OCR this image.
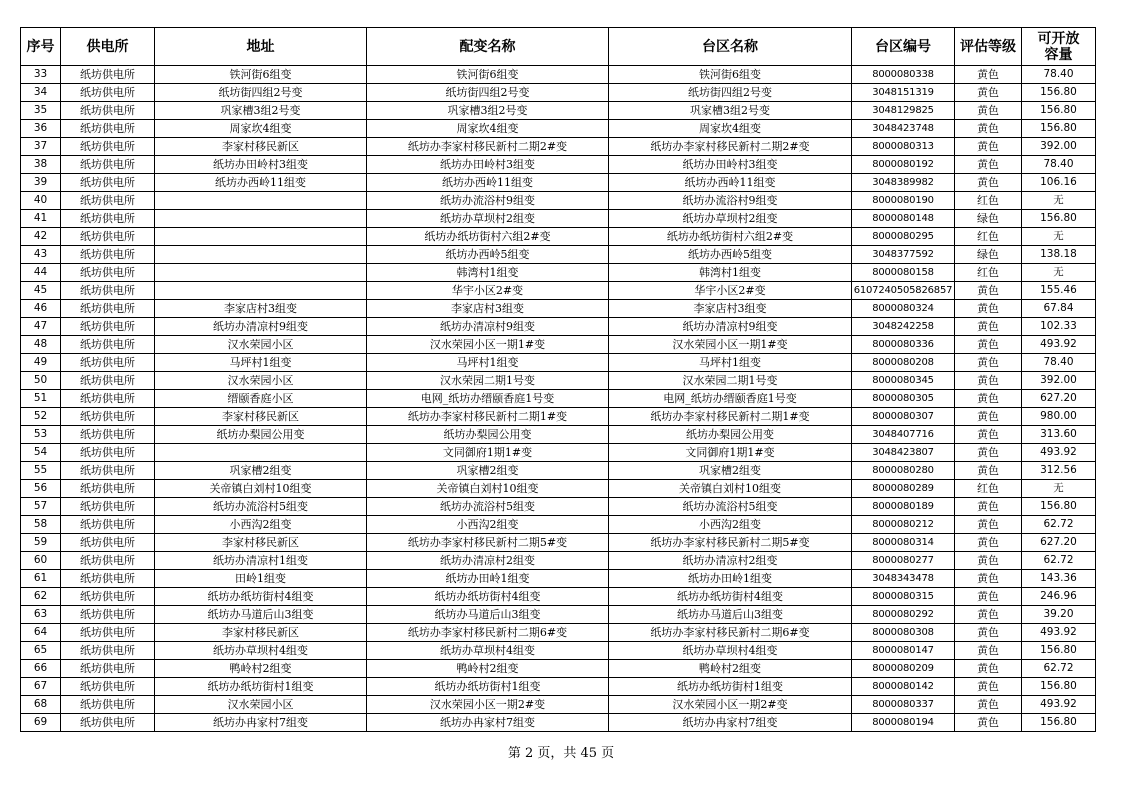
序号	供电所	地址	配变名称	台区名称	台区编号	评估等级	可开放容量
33	纸坊供电所	铁河街6组变	铁河街6组变	铁河街6组变	8000080338	黄色	78.40
34	纸坊供电所	纸坊街四组2号变	纸坊街四组2号变	纸坊街四组2号变	3048151319	黄色	156.80
35	纸坊供电所	巩家槽3组2号变	巩家槽3组2号变	巩家槽3组2号变	3048129825	黄色	156.80
36	纸坊供电所	周家坎4组变	周家坎4组变	周家坎4组变	3048423748	黄色	156.80
37	纸坊供电所	李家村移民新区	纸坊办李家村移民新村二期2#变	纸坊办李家村移民新村二期2#变	8000080313	黄色	392.00
38	纸坊供电所	纸坊办田岭村3组变	纸坊办田岭村3组变	纸坊办田岭村3组变	8000080192	黄色	78.40
39	纸坊供电所	纸坊办西岭11组变	纸坊办西岭11组变	纸坊办西岭11组变	3048389982	黄色	106.16
40	纸坊供电所		纸坊办流浴村9组变	纸坊办流浴村9组变	8000080190	红色	无
41	纸坊供电所		纸坊办草坝村2组变	纸坊办草坝村2组变	8000080148	绿色	156.80
42	纸坊供电所		纸坊办纸坊街村六组2#变	纸坊办纸坊街村六组2#变	8000080295	红色	无
43	纸坊供电所		纸坊办西岭5组变	纸坊办西岭5组变	3048377592	绿色	138.18
44	纸坊供电所		韩湾村1组变	韩湾村1组变	8000080158	红色	无
45	纸坊供电所		华宇小区2#变	华宇小区2#变	6107240505826857	黄色	155.46
46	纸坊供电所	李家店村3组变	李家店村3组变	李家店村3组变	8000080324	黄色	67.84
47	纸坊供电所	纸坊办清凉村9组变	纸坊办清凉村9组变	纸坊办清凉村9组变	3048242258	黄色	102.33
48	纸坊供电所	汉水荣园小区	汉水荣园小区一期1#变	汉水荣园小区一期1#变	8000080336	黄色	493.92
49	纸坊供电所	马坪村1组变	马坪村1组变	马坪村1组变	8000080208	黄色	78.40
50	纸坊供电所	汉水荣园小区	汉水荣园二期1号变	汉水荣园二期1号变	8000080345	黄色	392.00
51	纸坊供电所	缙颐香庭小区	电网_纸坊办缙颐香庭1号变	电网_纸坊办缙颐香庭1号变	8000080305	黄色	627.20
52	纸坊供电所	李家村移民新区	纸坊办李家村移民新村二期1#变	纸坊办李家村移民新村二期1#变	8000080307	黄色	980.00
53	纸坊供电所	纸坊办梨园公用变	纸坊办梨园公用变	纸坊办梨园公用变	3048407716	黄色	313.60
54	纸坊供电所		文同御府1期1#变	文同御府1期1#变	3048423807	黄色	493.92
55	纸坊供电所	巩家槽2组变	巩家槽2组变	巩家槽2组变	8000080280	黄色	312.56
56	纸坊供电所	关帝镇白刘村10组变	关帝镇白刘村10组变	关帝镇白刘村10组变	8000080289	红色	无
57	纸坊供电所	纸坊办流浴村5组变	纸坊办流浴村5组变	纸坊办流浴村5组变	8000080189	黄色	156.80
58	纸坊供电所	小西沟2组变	小西沟2组变	小西沟2组变	8000080212	黄色	62.72
59	纸坊供电所	李家村移民新区	纸坊办李家村移民新村二期5#变	纸坊办李家村移民新村二期5#变	8000080314	黄色	627.20
60	纸坊供电所	纸坊办清凉村1组变	纸坊办清凉村2组变	纸坊办清凉村2组变	8000080277	黄色	62.72
61	纸坊供电所	田岭1组变	纸坊办田岭1组变	纸坊办田岭1组变	3048343478	黄色	143.36
62	纸坊供电所	纸坊办纸坊街村4组变	纸坊办纸坊街村4组变	纸坊办纸坊街村4组变	8000080315	黄色	246.96
63	纸坊供电所	纸坊办马道后山3组变	纸坊办马道后山3组变	纸坊办马道后山3组变	8000080292	黄色	39.20
64	纸坊供电所	李家村移民新区	纸坊办李家村移民新村二期6#变	纸坊办李家村移民新村二期6#变	8000080308	黄色	493.92
65	纸坊供电所	纸坊办草坝村4组变	纸坊办草坝村4组变	纸坊办草坝村4组变	8000080147	黄色	156.80
66	纸坊供电所	鸭岭村2组变	鸭岭村2组变	鸭岭村2组变	8000080209	黄色	62.72
67	纸坊供电所	纸坊办纸坊街村1组变	纸坊办纸坊街村1组变	纸坊办纸坊街村1组变	8000080142	黄色	156.80
68	纸坊供电所	汉水荣园小区	汉水荣园小区一期2#变	汉水荣园小区一期2#变	8000080337	黄色	493.92
69	纸坊供电所	纸坊办冉家村7组变	纸坊办冉家村7组变	纸坊办冉家村7组变	8000080194	黄色	156.80
第 2 页，共 45 页
